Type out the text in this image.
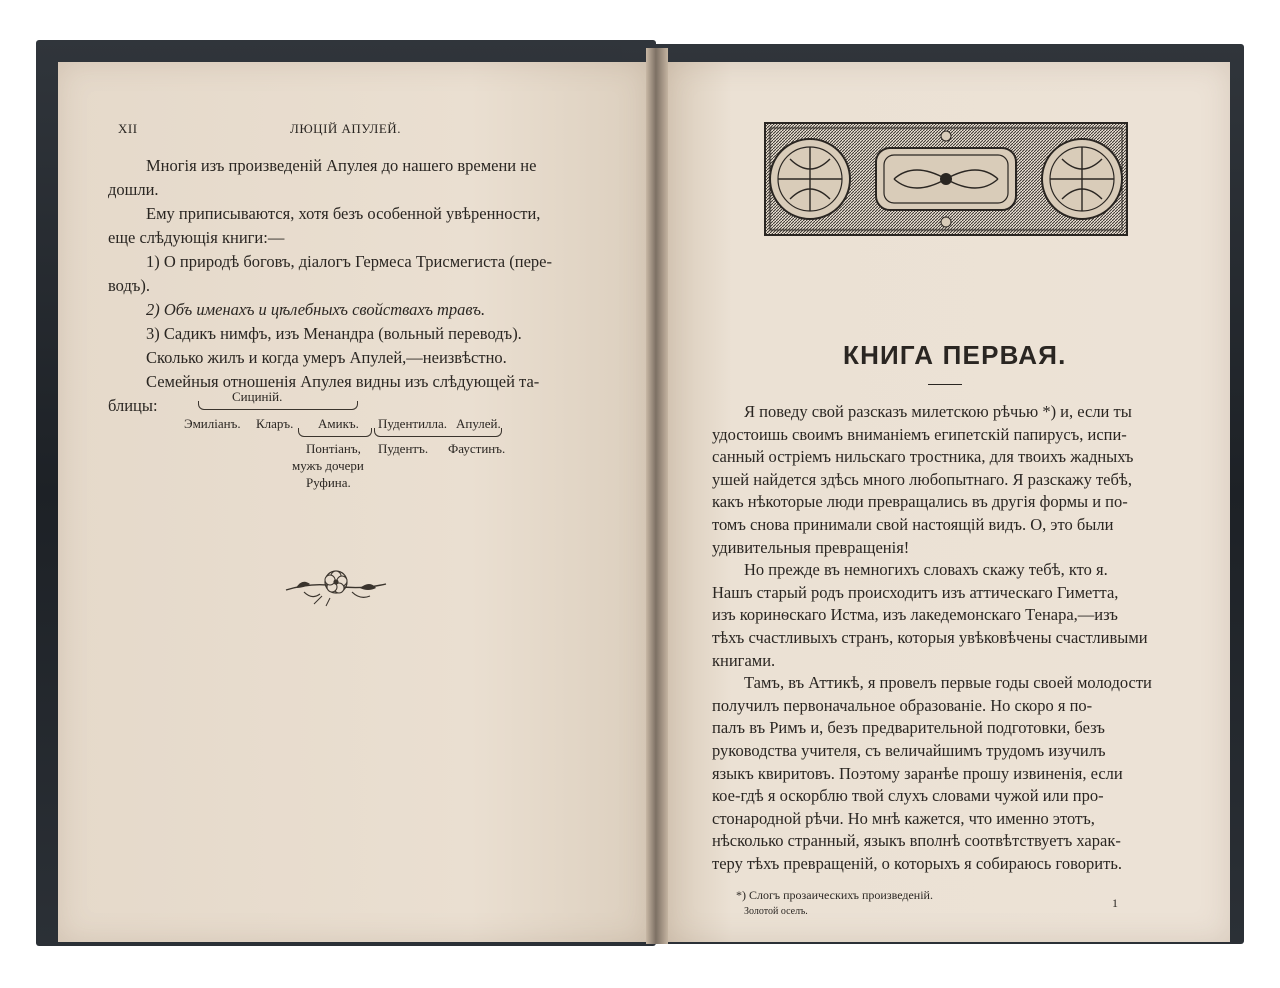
XII	ЛЮЦІЙ АПУЛЕЙ.
Многія изъ произведеній Апулея до нашего времени не
дошли.
Ему приписываются, хотя безъ особенной увѣренности,
еще слѣдующія книги:—
1) О природѣ боговъ, діалогъ Гермеса Трисмегиста (пере-
водъ).
2) Объ именахъ и цѣлебныхъ свойствахъ травъ.
3) Садикъ нимфъ, изъ Менандра (вольный переводъ).
Сколько жилъ и когда умеръ Апулей,—неизвѣстно.
Семейныя отношенія Апулея видны изъ слѣдующей та-
блицы:	Сициній.
Эмиліанъ. Кларъ. Амикъ. Пудентилла. Апулей.
Понтіанъ,
мужъ дочери
Руфина.
Пудентъ. Фаустинъ.
КНИГА ПЕРВАЯ.
Я поведу свой разсказъ милетскою рѣчью *) и, если ты
удостоишь своимъ вниманіемъ египетскій папирусъ, испи-
санный остріемъ нильскаго тростника, для твоихъ жадныхъ
ушей найдется здѣсь много любопытнаго. Я разскажу тебѣ,
какъ нѣкоторые люди превращались въ другія формы и по-
томъ снова принимали свой настоящій видъ. О, это были
удивительныя превращенія!
Но прежде въ немногихъ словахъ скажу тебѣ, кто я.
Нашъ старый родъ происходитъ изъ аттическаго Гиметта,
изъ коринѳскаго Истма, изъ лакедемонскаго Тенара,—изъ
тѣхъ счастливыхъ странъ, которыя увѣковѣчены счастливыми
книгами.
Тамъ, въ Аттикѣ, я провелъ первые годы своей молодости
получилъ первоначальное образованіе. Но скоро я по-
палъ въ Римъ и, безъ предварительной подготовки, безъ
руководства учителя, съ величайшимъ трудомъ изучилъ
языкъ квиритовъ. Поэтому заранѣе прошу извиненія, если
кое-гдѣ я оскорблю твой слухъ словами чужой или про-
стонародной рѣчи. Но мнѣ кажется, что именно этотъ,
нѣсколько странный, языкъ вполнѣ соотвѣтствуетъ харак-
теру тѣхъ превращеній, о которыхъ я собираюсь говорить.
*) Слогъ прозаическихъ произведеній.
Золотой оселъ.
1
